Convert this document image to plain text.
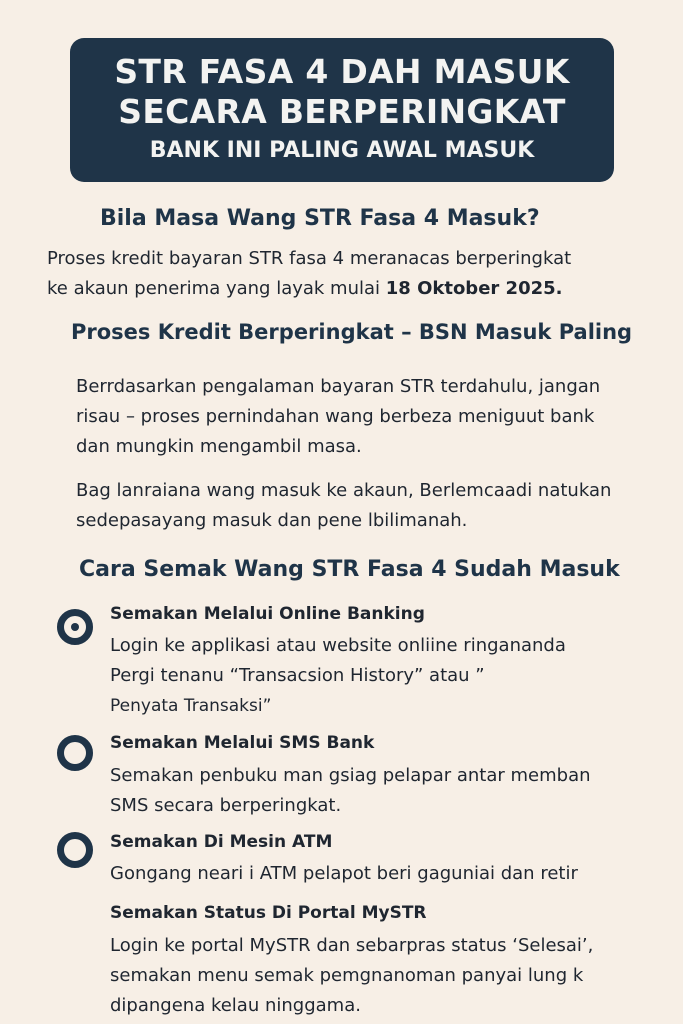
STR FASA 4 DAH MASUK
SECARA BERPERINGKAT
BANK INI PALING AWAL MASUK
Bila Masa Wang STR Fasa 4 Masuk?
Proses kredit bayaran STR fasa 4 meranacas berperingkat
ke akaun penerima yang layak mulai 18 Oktober 2025.
Proses Kredit Berperingkat – BSN Masuk Paling
Berrdasarkan pengalaman bayaran STR terdahulu, jangan
risau – proses pernindahan wang berbeza meniguut bank
dan mungkin mengambil masa.
Bag lanraiana wang masuk ke akaun, Berlemcaadi natukan
sedepasayang masuk dan pene lbilimanah.
Cara Semak Wang STR Fasa 4 Sudah Masuk
Semakan Melalui Online Banking
Login ke applikasi atau website onliine ringananda
Pergi tenanu “Transacsion History” atau ”
Penyata Transaksi”
Semakan Melalui SMS Bank
Semakan penbuku man gsiag pelapar antar memban
SMS secara berperingkat.
Semakan Di Mesin ATM
Gongang neari i ATM pelapot beri gaguniai dan retir
Semakan Status Di Portal MySTR
Login ke portal MySTR dan sebarpras status ‘Selesai’,
semakan menu semak pemgnanoman panyai lung k
dipangena kelau ninggama.
